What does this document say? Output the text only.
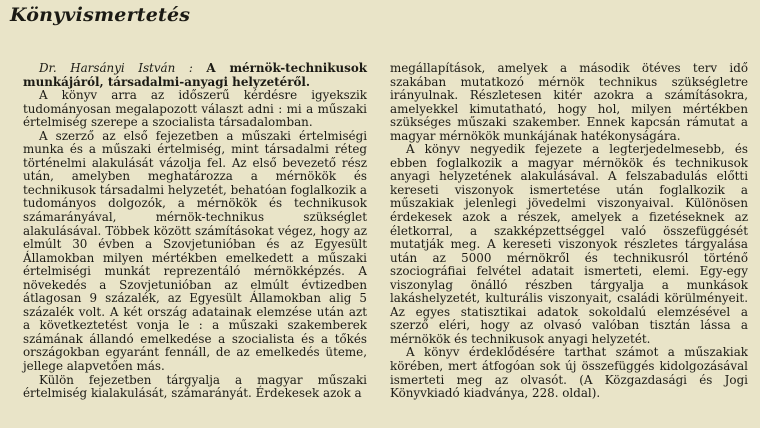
Könyvismertetés

Dr. Harsányi István : A mérnök-technikusok munkájáról, társadalmi-anyagi helyzetéről.

A könyv arra az időszerű kérdésre igyekszik tudományosan megalapozott választ adni : mi a műszaki értelmiség szerepe a szocialista társadalomban.

A szerző az első fejezetben a műszaki értelmiségi munka és a műszaki értelmiség, mint társadalmi réteg történelmi alakulását vázolja fel. Az első bevezető rész után, amelyben meghatározza a mérnökök és technikusok társadalmi helyzetét, behatóan foglalkozik a tudományos dolgozók, a mérnökök és technikusok számarányával, mérnök-technikus szükséglet alakulásával. Többek között számításokat végez, hogy az elmúlt 30 évben a Szovjetunióban és az Egyesült Államokban milyen mértékben emelkedett a műszaki értelmiségi munkát reprezentáló mérnökképzés. A növekedés a Szovjetunióban az elmúlt évtizedben átlagosan 9 százalék, az Egyesült Államokban alig 5 százalék volt. A két ország adatainak elemzése után azt a következtetést vonja le : a műszaki szakemberek számának állandó emelkedése a szocialista és a tőkés országokban egyaránt fennáll, de az emelkedés üteme, jellege alapvetően más.

Külön fejezetben tárgyalja a magyar műszaki értelmiség kialakulását, számarányát. Érdekesek azok a

megállapítások, amelyek a második ötéves terv idő szakában mutatkozó mérnök technikus szükségletre irányulnak. Részletesen kitér azokra a számításokra, amelyekkel kimutatható, hogy hol, milyen mértékben szükséges műszaki szakember. Ennek kapcsán rámutat a magyar mérnökök munkájának hatékonyságára.

A könyv negyedik fejezete a legterjedelmesebb, és ebben foglalkozik a magyar mérnökök és technikusok anyagi helyzetének alakulásával. A felszabadulás előtti kereseti viszonyok ismertetése után foglalkozik a műszakiak jelenlegi jövedelmi viszonyaival. Különösen érdekesek azok a részek, amelyek a fizetéseknek az életkorral, a szakképzettséggel való összefüggését mutatják meg. A kereseti viszonyok részletes tárgyalása után az 5000 mérnökről és technikusról történő szociográfiai felvétel adatait ismerteti, elemi. Egy-egy viszonylag önálló részben tárgyalja a munkások lakáshelyzetét, kulturális viszonyait, családi körülményeit. Az egyes statisztikai adatok sokoldalú elemzésével a szerző eléri, hogy az olvasó valóban tisztán lássa a mérnökök és technikusok anyagi helyzetét.

A könyv érdeklődésére tarthat számot a műszakiak körében, mert átfogóan sok új összefüggés kidolgozásával ismerteti meg az olvasót. (A Közgazdasági és Jogi Könyvkiadó kiadványa, 228. oldal).
